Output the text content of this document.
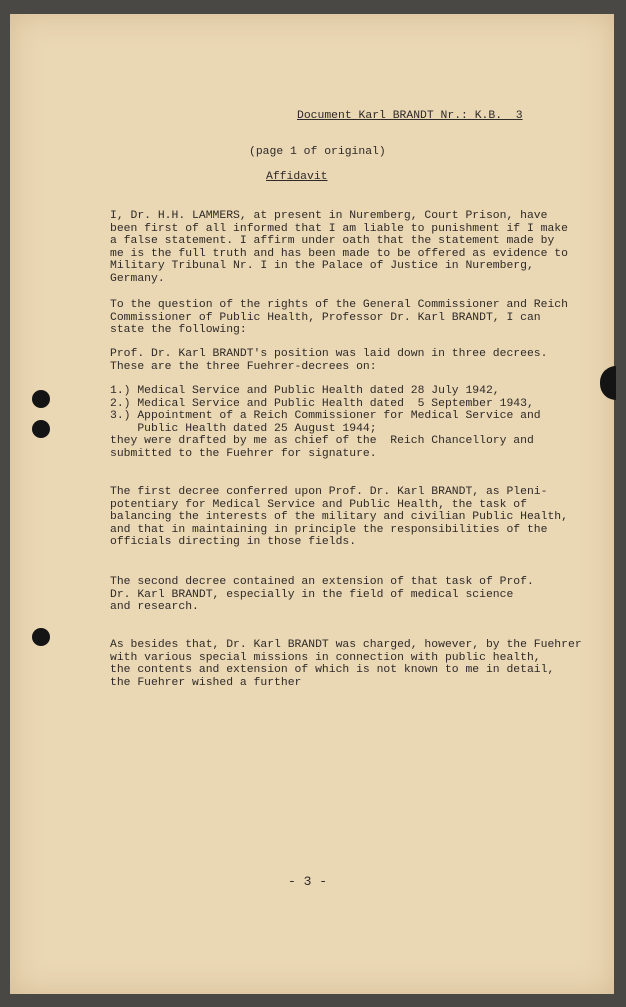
Document Karl BRANDT Nr.: K.B.  3
(page 1 of original)
Affidavit
I, Dr. H.H. LAMMERS, at present in Nuremberg, Court Prison, have
been first of all informed that I am liable to punishment if I make
a false statement. I affirm under oath that the statement made by
me is the full truth and has been made to be offered as evidence to
Military Tribunal Nr. I in the Palace of Justice in Nuremberg,
Germany.
To the question of the rights of the General Commissioner and Reich
Commissioner of Public Health, Professor Dr. Karl BRANDT, I can
state the following:
Prof. Dr. Karl BRANDT's position was laid down in three decrees.
These are the three Fuehrer-decrees on:
1.) Medical Service and Public Health dated 28 July 1942,
2.) Medical Service and Public Health dated  5 September 1943,
3.) Appointment of a Reich Commissioner for Medical Service and
Public Health dated 25 August 1944;
they were drafted by me as chief of the  Reich Chancellory and
submitted to the Fuehrer for signature.
The first decree conferred upon Prof. Dr. Karl BRANDT, as Pleni-
potentiary for Medical Service and Public Health, the task of
balancing the interests of the military and civilian Public Health,
and that in maintaining in principle the responsibilities of the
officials directing in those fields.
The second decree contained an extension of that task of Prof.
Dr. Karl BRANDT, especially in the field of medical science
and research.
As besides that, Dr. Karl BRANDT was charged, however, by the Fuehrer
with various special missions in connection with public health,
the contents and extension of which is not known to me in detail,
the Fuehrer wished a further
- 3 -
